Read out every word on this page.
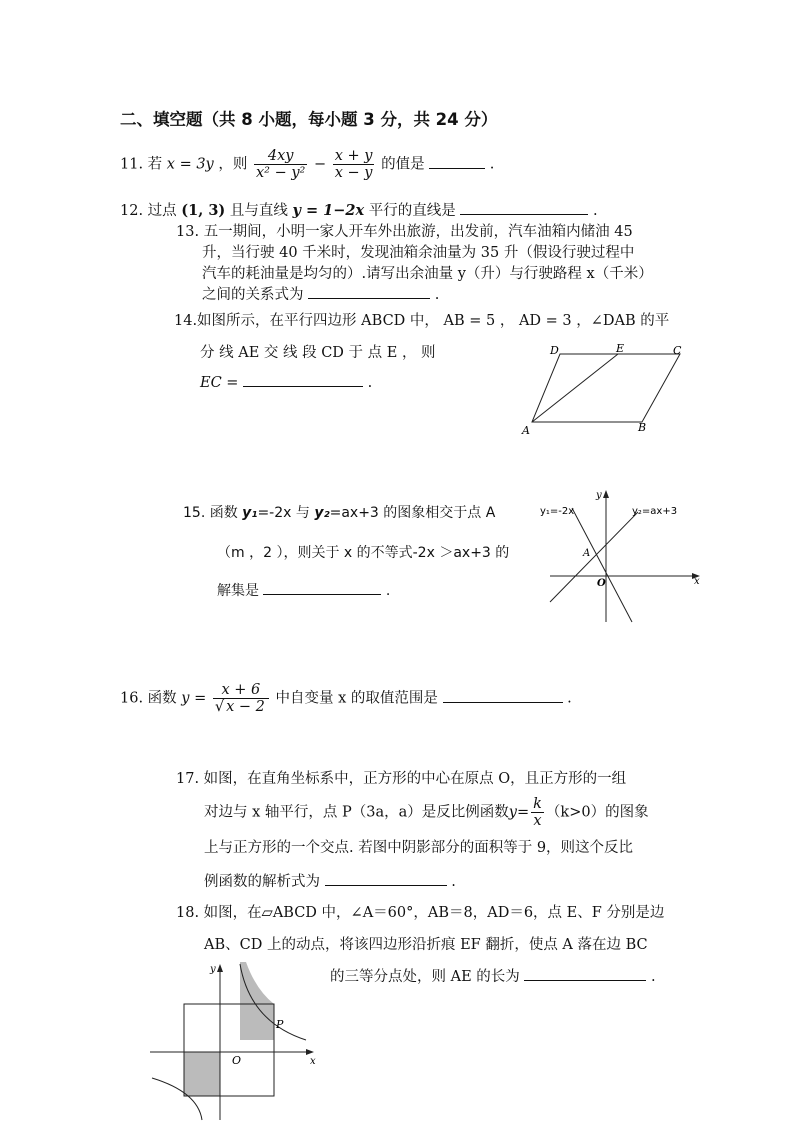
二、填空题（共 8 小题，每小题 3 分，共 24 分）
11. 若 x = 3y ，则 $\frac{4xy}{\text{x² − y²}} - \frac{x + y}{x - y}$ 的值是	.
12. 过点 (1, 3) 且与直线 y = 1−2x 平行的直线是	.
13. 五一期间，小明一家人开车外出旅游，出发前，汽车油箱内储油 45
升，当行驶 40 千米时，发现油箱余油量为 35 升（假设行驶过程中
汽车的耗油量是均匀的）.请写出余油量 y（升）与行驶路程 x（千米）
之间的关系式为	.
14.如图所示，在平行四边形 ABCD 中， AB = 5 ， AD = 3 ，∠DAB 的平
分 线 AE 交 线 段 CD 于 点 E ， 则
EC =	.
D	E	C
A	B
15. 函数 y₁=-2x 与 y₂=ax+3 的图象相交于点 A
（m ，2 ），则关于 x 的不等式-2x ＞ax+3 的
解集是	.
y
x
y₁=-2x	y₂=ax+3
A
O
16. 函数 $y = \frac{x + 6}{√ x - 2}$ 中自变量 x 的取值范围是	.
17. 如图，在直角坐标系中，正方形的中心在原点 O，且正方形的一组
对边与 x 轴平行，点 P（3a，a）是反比例函数$y= \frac{k}{x} (k>0)$的图象
上与正方形的一个交点. 若图中阴影部分的面积等于 9，则这个反比
例函数的解析式为	.
18. 如图，在▱ABCD 中，∠A＝60°，AB＝8，AD＝6，点 E、F 分别是边
AB、CD 上的动点，将该四边形沿折痕 EF 翻折，使点 A 落在边 BC
的三等分点处，则 AE 的长为	.
y
x
O
P
